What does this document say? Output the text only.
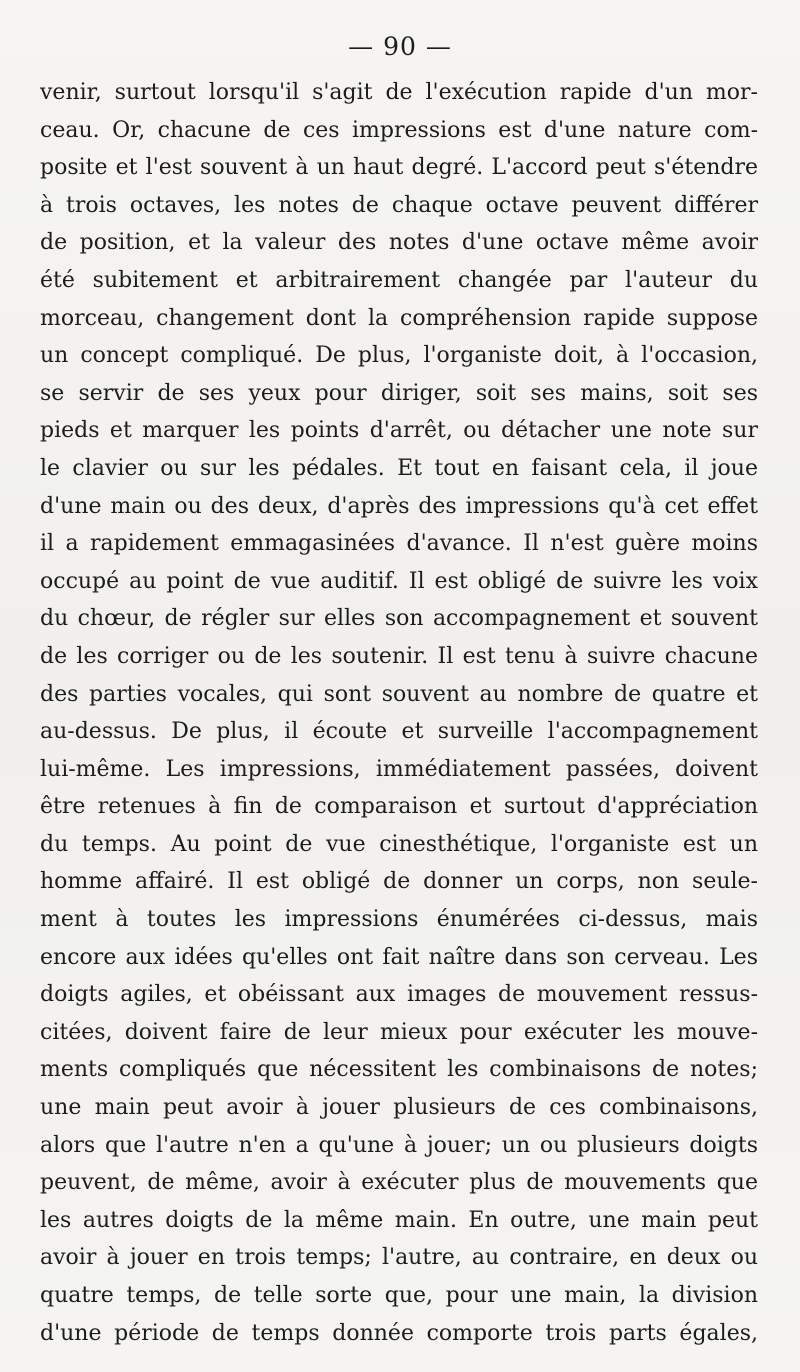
— 90 —
venir, surtout lorsqu'il s'agit de l'exécution rapide d'un mor-
ceau. Or, chacune de ces impressions est d'une nature com-
posite et l'est souvent à un haut degré. L'accord peut s'étendre
à trois octaves, les notes de chaque octave peuvent différer
de position, et la valeur des notes d'une octave même avoir
été subitement et arbitrairement changée par l'auteur du
morceau, changement dont la compréhension rapide suppose
un concept compliqué. De plus, l'organiste doit, à l'occasion,
se servir de ses yeux pour diriger, soit ses mains, soit ses
pieds et marquer les points d'arrêt, ou détacher une note sur
le clavier ou sur les pédales. Et tout en faisant cela, il joue
d'une main ou des deux, d'après des impressions qu'à cet effet
il a rapidement emmagasinées d'avance. Il n'est guère moins
occupé au point de vue auditif. Il est obligé de suivre les voix
du chœur, de régler sur elles son accompagnement et souvent
de les corriger ou de les soutenir. Il est tenu à suivre chacune
des parties vocales, qui sont souvent au nombre de quatre et
au-dessus. De plus, il écoute et surveille l'accompagnement
lui-même. Les impressions, immédiatement passées, doivent
être retenues à fin de comparaison et surtout d'appréciation
du temps. Au point de vue cinesthétique, l'organiste est un
homme affairé. Il est obligé de donner un corps, non seule-
ment à toutes les impressions énumérées ci-dessus, mais
encore aux idées qu'elles ont fait naître dans son cerveau. Les
doigts agiles, et obéissant aux images de mouvement ressus-
citées, doivent faire de leur mieux pour exécuter les mouve-
ments compliqués que nécessitent les combinaisons de notes;
une main peut avoir à jouer plusieurs de ces combinaisons,
alors que l'autre n'en a qu'une à jouer; un ou plusieurs doigts
peuvent, de même, avoir à exécuter plus de mouvements que
les autres doigts de la même main. En outre, une main peut
avoir à jouer en trois temps; l'autre, au contraire, en deux ou
quatre temps, de telle sorte que, pour une main, la division
d'une période de temps donnée comporte trois parts égales,
